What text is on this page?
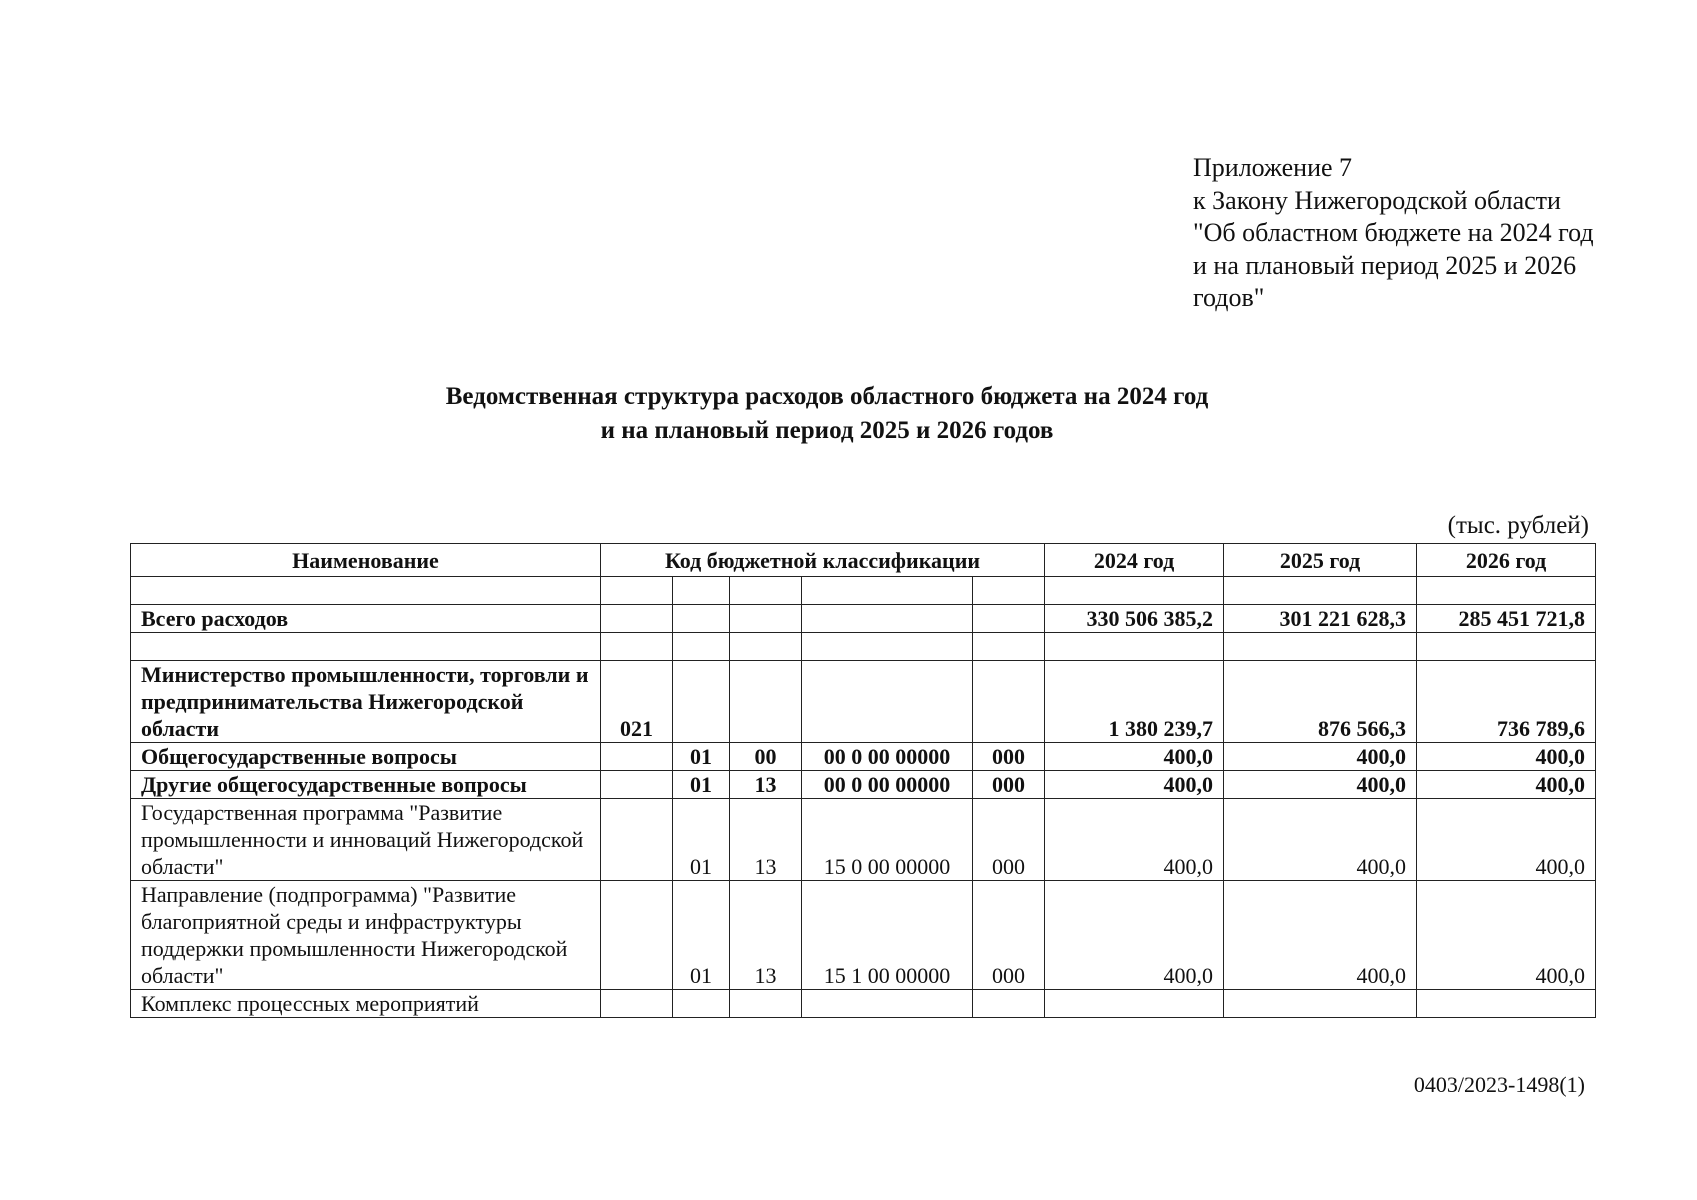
Приложение 7
к Закону Нижегородской области
"Об областном бюджете на 2024 год
и на плановый период 2025 и 2026
годов"
Ведомственная структура расходов областного бюджета на 2024 год
и на плановый период 2025 и 2026 годов
(тыс. рублей)
Наименование	Код бюджетной классификации					2024 год	2025 год	2026 год

Всего расходов						330 506 385,2	301 221 628,3	285 451 721,8

Министерство промышленности, торговли и предпринимательства Нижегородской области	021					1 380 239,7	876 566,3	736 789,6
Общегосударственные вопросы		01	00	00 0 00 00000	000	400,0	400,0	400,0
Другие общегосударственные вопросы		01	13	00 0 00 00000	000	400,0	400,0	400,0
Государственная программа "Развитие промышленности и инноваций Нижегородской области"		01	13	15 0 00 00000	000	400,0	400,0	400,0
Направление (подпрограмма) "Развитие благоприятной среды и инфраструктуры поддержки промышленности Нижегородской области"		01	13	15 1 00 00000	000	400,0	400,0	400,0
Комплекс процессных мероприятий								
0403/2023-1498(1)
